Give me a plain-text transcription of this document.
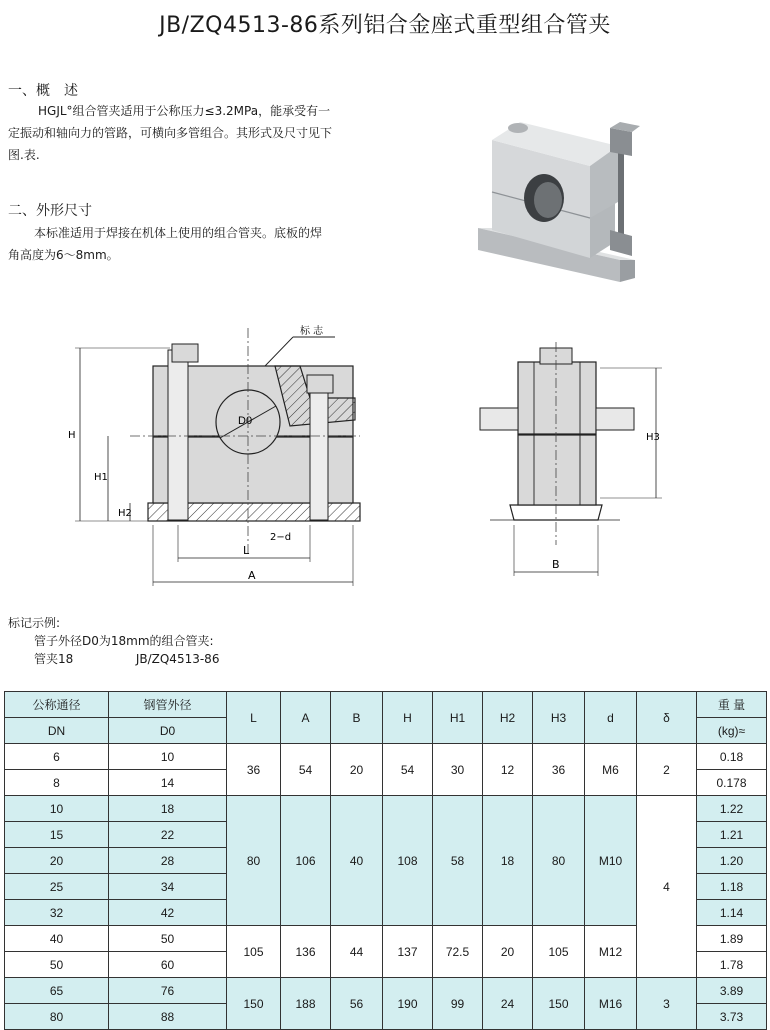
JB/ZQ4513-86系列铝合金座式重型组合管夹
一、概　述
HGJL°组合管夹适用于公称压力≤3.2MPa，能承受有一
定振动和轴向力的管路，可横向多管组合。其形式及尺寸见下
图.表.
二、外形尺寸
本标准适用于焊接在机体上使用的组合管夹。底板的焊
角高度为6～8mm。
D0
标 志
H
H1
H2
L
A
2−d
H3
B
标记示例:
管子外径D0为18mm的组合管夹:
管夹18	JB/ZQ4513-86
公称通径	钢管外径	L	A	B	H	H1	H2	H3	d	δ	重 量
DN	D0										(kg)≈
6	10	36	54	20	54	30	12	36	M6	2	0.18
8	14										0.178
10	18	80	106	40	108	58	18	80	M10	4	1.22
15	22										1.21
20	28										1.20
25	34										1.18
32	42										1.14
40	50	105	136	44	137	72.5	20	105	M12		1.89
50	60										1.78
65	76	150	188	56	190	99	24	150	M16	3	3.89
80	88										3.73
